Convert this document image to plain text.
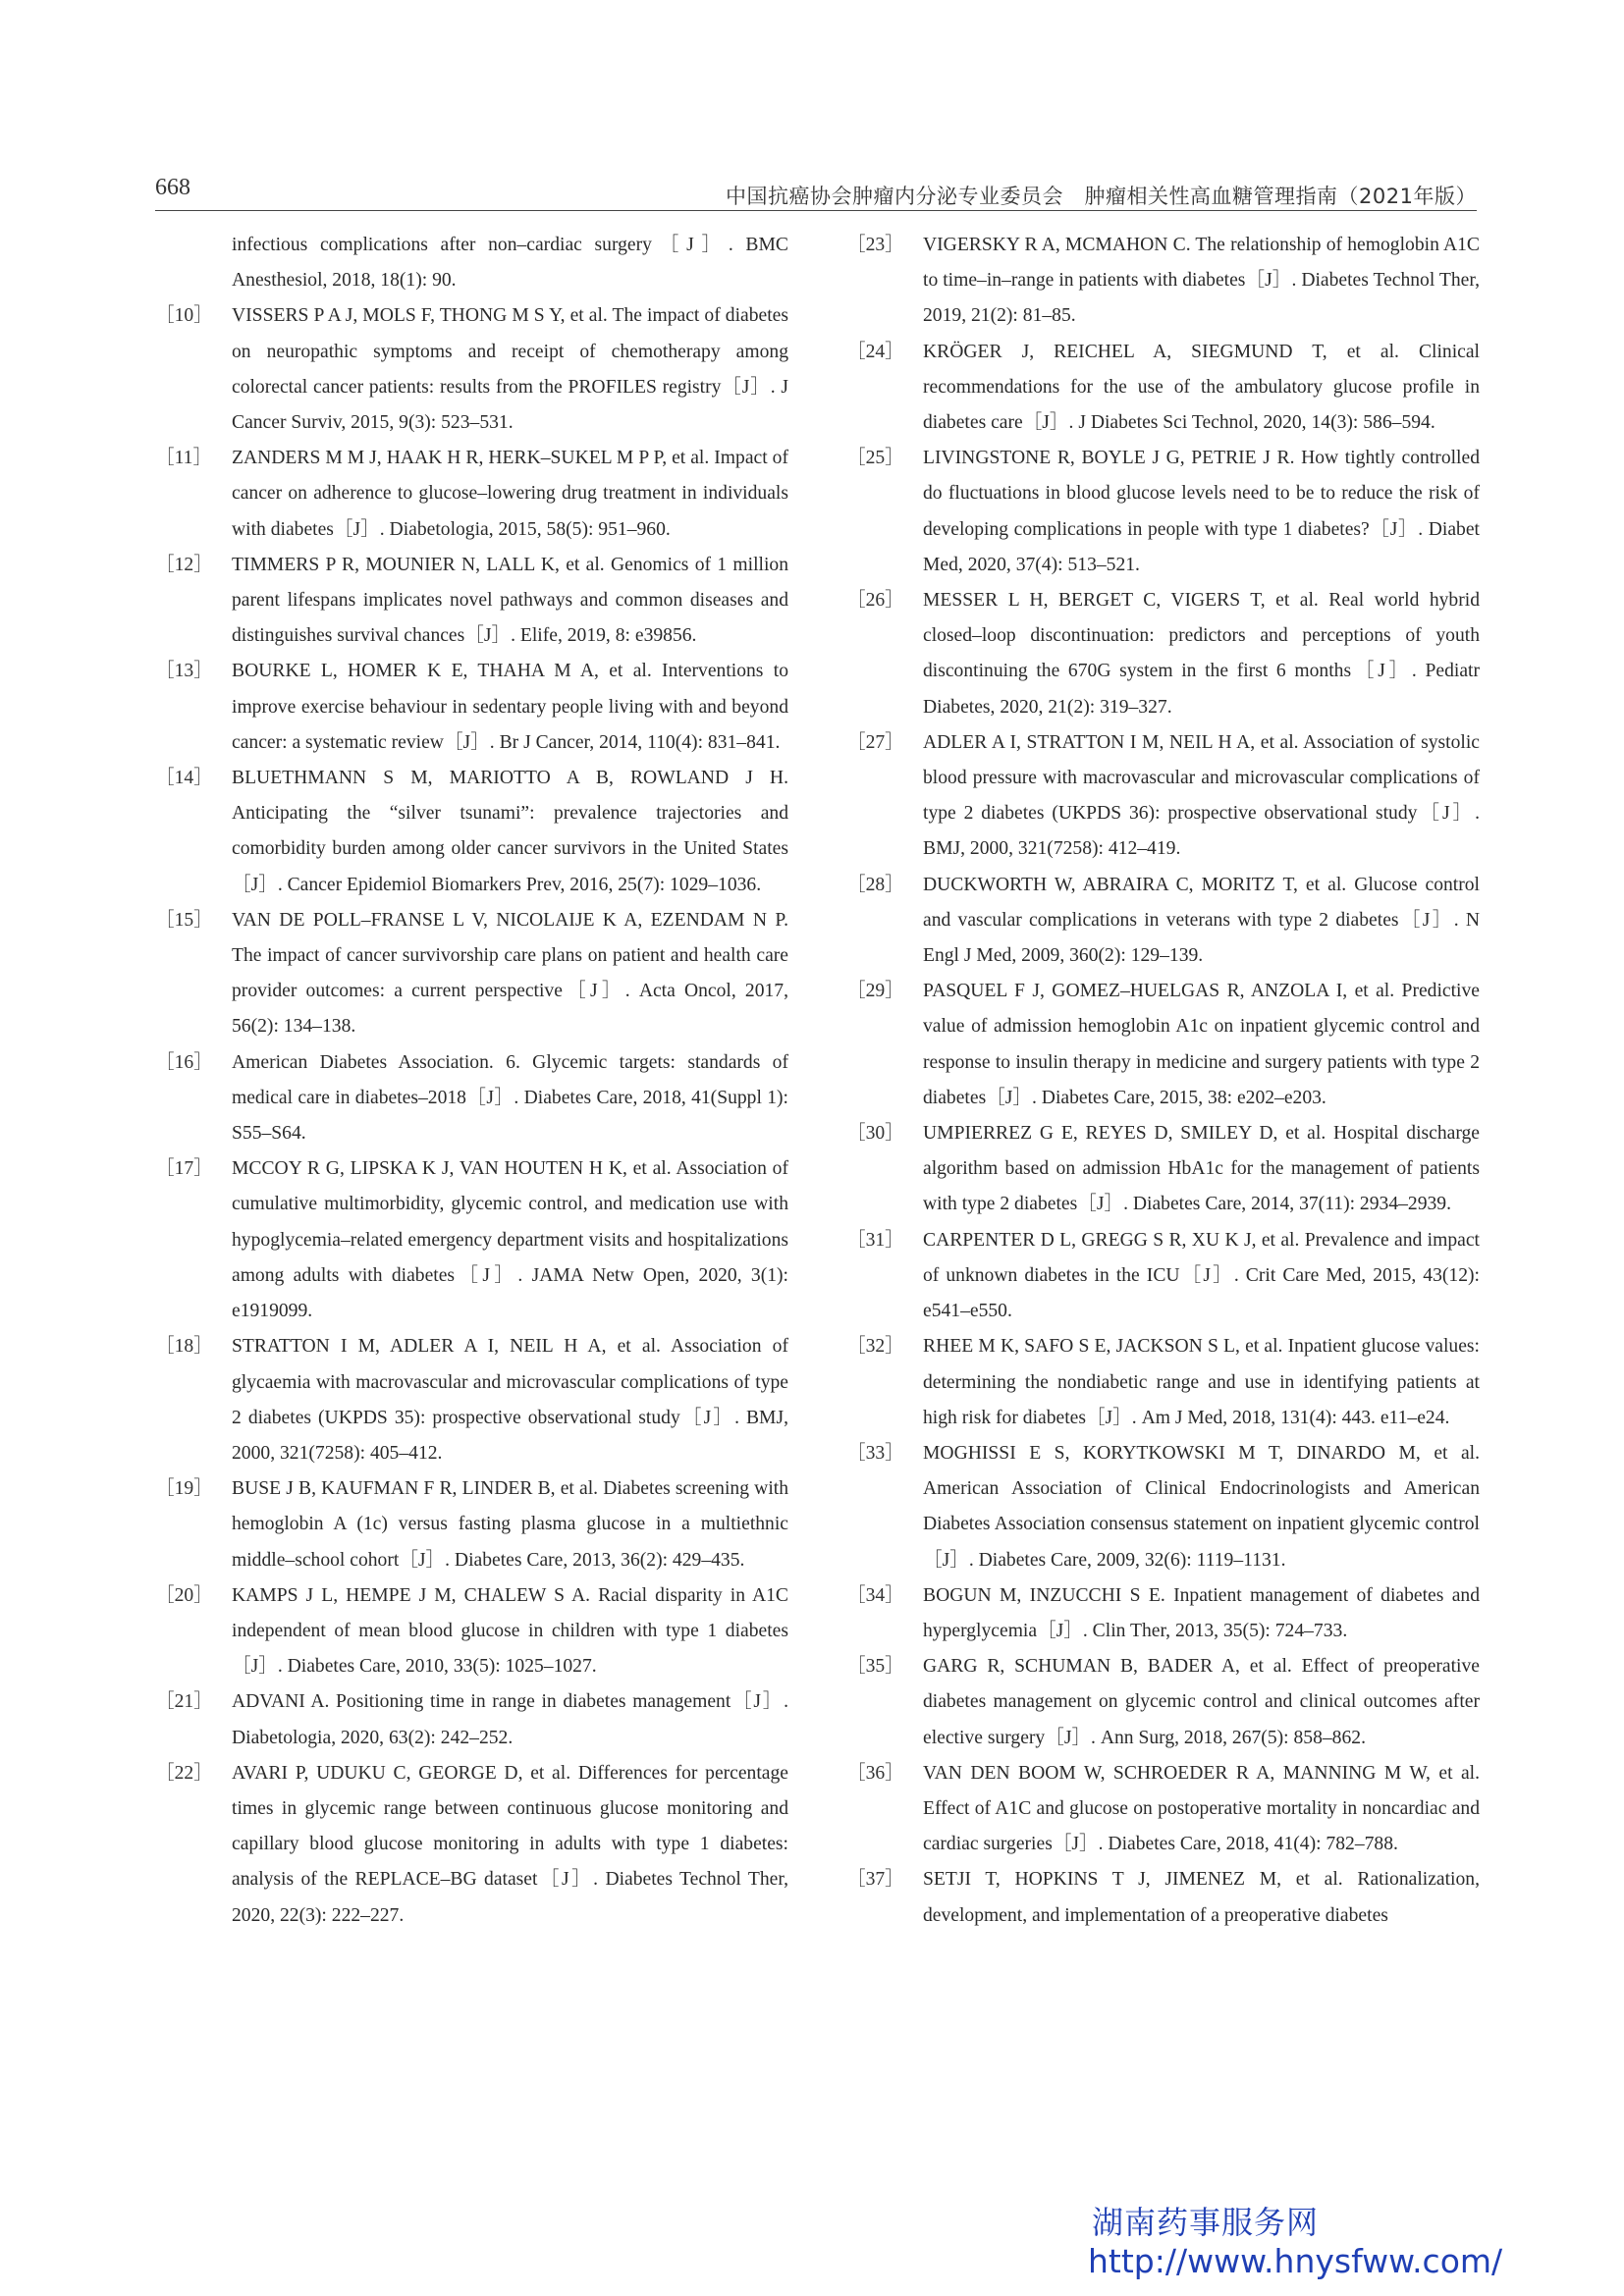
668	中国抗癌协会肿瘤内分泌专业委员会　肿瘤相关性高血糖管理指南（2021年版）
infectious complications after non–cardiac surgery［J］. BMC Anesthesiol, 2018, 18(1): 90.
［10］ VISSERS P A J, MOLS F, THONG M S Y, et al. The impact of diabetes on neuropathic symptoms and receipt of chemotherapy among colorectal cancer patients: results from the PROFILES registry［J］. J Cancer Surviv, 2015, 9(3): 523–531.
［11］	ZANDERS M M J, HAAK H R, HERK–SUKEL M P P, et al. Impact of cancer on adherence to glucose–lowering drug treatment in individuals with diabetes［J］. Diabetologia, 2015, 58(5): 951–960.
［12］ TIMMERS P R, MOUNIER N, LALL K, et al. Genomics of 1 million parent lifespans implicates novel pathways and common diseases and distinguishes survival chances［J］. Elife, 2019, 8: e39856.
［13］ BOURKE L, HOMER K E, THAHA M A, et al. Interventions to improve exercise behaviour in sedentary people living with and beyond cancer: a systematic review［J］. Br J Cancer, 2014, 110(4): 831–841.
［14］ BLUETHMANN S M, MARIOTTO A B, ROWLAND J H. Anticipating the “silver tsunami”: prevalence trajectories and comorbidity burden among older cancer survivors in the United States［J］. Cancer Epidemiol Biomarkers Prev, 2016, 25(7): 1029–1036.
［15］ VAN DE POLL–FRANSE L V, NICOLAIJE K A, EZENDAM N P. The impact of cancer survivorship care plans on patient and health care provider outcomes: a current perspective［J］. Acta Oncol, 2017, 56(2): 134–138.
［16］ American Diabetes Association. 6. Glycemic targets: standards of medical care in diabetes–2018［J］. Diabetes Care, 2018, 41(Suppl 1): S55–S64.
［17］ MCCOY R G, LIPSKA K J, VAN HOUTEN H K, et al. Association of cumulative multimorbidity, glycemic control, and medication use with hypoglycemia–related emergency department visits and hospitalizations among adults with diabetes［J］. JAMA Netw Open, 2020, 3(1): e1919099.
［18］ STRATTON I M, ADLER A I, NEIL H A, et al. Association of glycaemia with macrovascular and microvascular complications of type 2 diabetes (UKPDS 35): prospective observational study［J］. BMJ, 2000, 321(7258): 405–412.
［19］ BUSE J B, KAUFMAN F R, LINDER B, et al. Diabetes screening with hemoglobin A (1c) versus fasting plasma glucose in a multiethnic middle–school cohort［J］. Diabetes Care, 2013, 36(2): 429–435.
［20］ KAMPS J L, HEMPE J M, CHALEW S A. Racial disparity in A1C independent of mean blood glucose in children with type 1 diabetes［J］. Diabetes Care, 2010, 33(5): 1025–1027.
［21］ ADVANI A. Positioning time in range in diabetes management［J］. Diabetologia, 2020, 63(2): 242–252.
［22］ AVARI P, UDUKU C, GEORGE D, et al. Differences for percentage times in glycemic range between continuous glucose monitoring and capillary blood glucose monitoring in adults with type 1 diabetes: analysis of the REPLACE–BG dataset［J］. Diabetes Technol Ther, 2020, 22(3): 222–227.
［23］ VIGERSKY R A, MCMAHON C. The relationship of hemoglobin A1C to time–in–range in patients with diabetes［J］. Diabetes Technol Ther, 2019, 21(2): 81–85.
［24］ KRÖGER J, REICHEL A, SIEGMUND T, et al. Clinical recommendations for the use of the ambulatory glucose profile in diabetes care［J］. J Diabetes Sci Technol, 2020, 14(3): 586–594.
［25］ LIVINGSTONE R, BOYLE J G, PETRIE J R. How tightly controlled do fluctuations in blood glucose levels need to be to reduce the risk of developing complications in people with type 1 diabetes?［J］. Diabet Med, 2020, 37(4): 513–521.
［26］ MESSER L H, BERGET C, VIGERS T, et al. Real world hybrid closed–loop discontinuation: predictors and perceptions of youth discontinuing the 670G system in the first 6 months［J］. Pediatr Diabetes, 2020, 21(2): 319–327.
［27］ ADLER A I, STRATTON I M, NEIL H A, et al. Association of systolic blood pressure with macrovascular and microvascular complications of type 2 diabetes (UKPDS 36): prospective observational study［J］. BMJ, 2000, 321(7258): 412–419.
［28］ DUCKWORTH W, ABRAIRA C, MORITZ T, et al. Glucose control and vascular complications in veterans with type 2 diabetes［J］. N Engl J Med, 2009, 360(2): 129–139.
［29］ PASQUEL F J, GOMEZ–HUELGAS R, ANZOLA I, et al. Predictive value of admission hemoglobin A1c on inpatient glycemic control and response to insulin therapy in medicine and surgery patients with type 2 diabetes［J］. Diabetes Care, 2015, 38: e202–e203.
［30］ UMPIERREZ G E, REYES D, SMILEY D, et al. Hospital discharge algorithm based on admission HbA1c for the management of patients with type 2 diabetes［J］. Diabetes Care, 2014, 37(11): 2934–2939.
［31］ CARPENTER D L, GREGG S R, XU K J, et al. Prevalence and impact of unknown diabetes in the ICU［J］. Crit Care Med, 2015, 43(12): e541–e550.
［32］ RHEE M K, SAFO S E, JACKSON S L, et al. Inpatient glucose values: determining the nondiabetic range and use in identifying patients at high risk for diabetes［J］. Am J Med, 2018, 131(4): 443. e11–e24.
［33］ MOGHISSI E S, KORYTKOWSKI M T, DINARDO M, et al. American Association of Clinical Endocrinologists and American Diabetes Association consensus statement on inpatient glycemic control［J］. Diabetes Care, 2009, 32(6): 1119–1131.
［34］ BOGUN M, INZUCCHI S E. Inpatient management of diabetes and hyperglycemia［J］. Clin Ther, 2013, 35(5): 724–733.
［35］ GARG R, SCHUMAN B, BADER A, et al. Effect of preoperative diabetes management on glycemic control and clinical outcomes after elective surgery［J］. Ann Surg, 2018, 267(5): 858–862.
［36］ VAN DEN BOOM W, SCHROEDER R A, MANNING M W, et al. Effect of A1C and glucose on postoperative mortality in noncardiac and cardiac surgeries［J］. Diabetes Care, 2018, 41(4): 782–788.
［37］ SETJI T, HOPKINS T J, JIMENEZ M, et al. Rationalization, development, and implementation of a preoperative diabetes
湖南药事服务网
http://www.hnysfww.com/
